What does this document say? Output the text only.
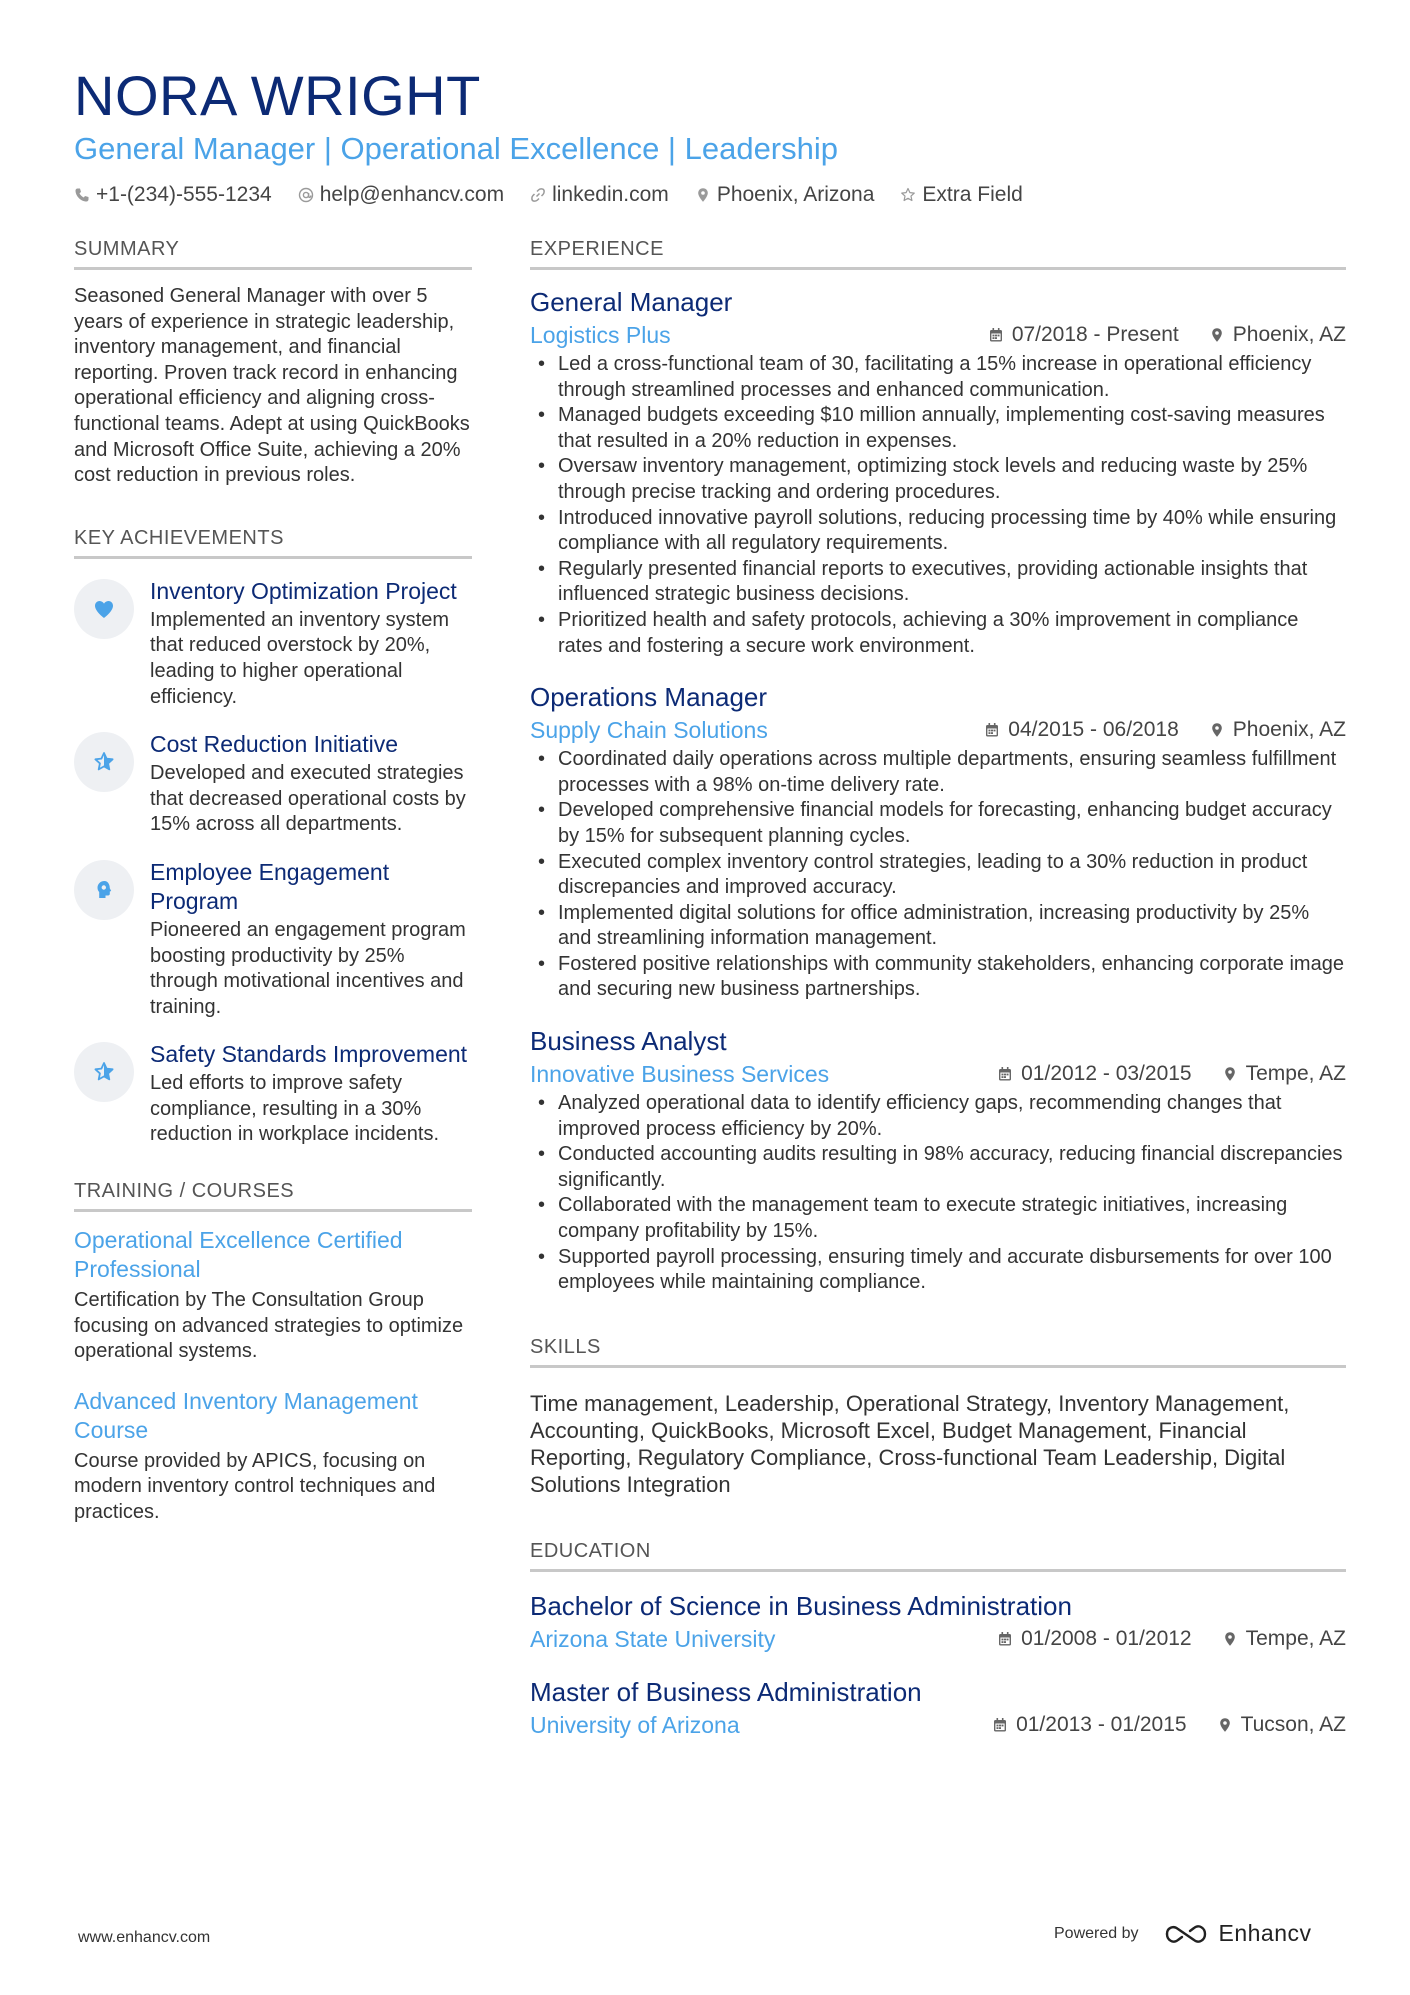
NORA WRIGHT
General Manager | Operational Excellence | Leadership
+1-(234)-555-1234 help@enhancv.com linkedin.com Phoenix, Arizona Extra Field
SUMMARY
Seasoned General Manager with over 5 years of experience in strategic leadership, inventory management, and financial reporting. Proven track record in enhancing operational efficiency and aligning cross-functional teams. Adept at using QuickBooks and Microsoft Office Suite, achieving a 20% cost reduction in previous roles.
KEY ACHIEVEMENTS
Inventory Optimization Project
Implemented an inventory system that reduced overstock by 20%, leading to higher operational efficiency.
Cost Reduction Initiative
Developed and executed strategies that decreased operational costs by 15% across all departments.
Employee Engagement Program
Pioneered an engagement program boosting productivity by 25% through motivational incentives and training.
Safety Standards Improvement
Led efforts to improve safety compliance, resulting in a 30% reduction in workplace incidents.
TRAINING / COURSES
Operational Excellence Certified Professional
Certification by The Consultation Group focusing on advanced strategies to optimize operational systems.
Advanced Inventory Management Course
Course provided by APICS, focusing on modern inventory control techniques and practices.
EXPERIENCE
General Manager
Logistics Plus	07/2018 - Present	Phoenix, AZ
• Led a cross-functional team of 30, facilitating a 15% increase in operational efficiency through streamlined processes and enhanced communication.
• Managed budgets exceeding $10 million annually, implementing cost-saving measures that resulted in a 20% reduction in expenses.
• Oversaw inventory management, optimizing stock levels and reducing waste by 25% through precise tracking and ordering procedures.
• Introduced innovative payroll solutions, reducing processing time by 40% while ensuring compliance with all regulatory requirements.
• Regularly presented financial reports to executives, providing actionable insights that influenced strategic business decisions.
• Prioritized health and safety protocols, achieving a 30% improvement in compliance rates and fostering a secure work environment.
Operations Manager
Supply Chain Solutions	04/2015 - 06/2018	Phoenix, AZ
• Coordinated daily operations across multiple departments, ensuring seamless fulfillment processes with a 98% on-time delivery rate.
• Developed comprehensive financial models for forecasting, enhancing budget accuracy by 15% for subsequent planning cycles.
• Executed complex inventory control strategies, leading to a 30% reduction in product discrepancies and improved accuracy.
• Implemented digital solutions for office administration, increasing productivity by 25% and streamlining information management.
• Fostered positive relationships with community stakeholders, enhancing corporate image and securing new business partnerships.
Business Analyst
Innovative Business Services	01/2012 - 03/2015	Tempe, AZ
• Analyzed operational data to identify efficiency gaps, recommending changes that improved process efficiency by 20%.
• Conducted accounting audits resulting in 98% accuracy, reducing financial discrepancies significantly.
• Collaborated with the management team to execute strategic initiatives, increasing company profitability by 15%.
• Supported payroll processing, ensuring timely and accurate disbursements for over 100 employees while maintaining compliance.
SKILLS
Time management, Leadership, Operational Strategy, Inventory Management, Accounting, QuickBooks, Microsoft Excel, Budget Management, Financial Reporting, Regulatory Compliance, Cross-functional Team Leadership, Digital Solutions Integration
EDUCATION
Bachelor of Science in Business Administration
Arizona State University	01/2008 - 01/2012	Tempe, AZ
Master of Business Administration
University of Arizona	01/2013 - 01/2015	Tucson, AZ
www.enhancv.com	Powered by	Enhancv
